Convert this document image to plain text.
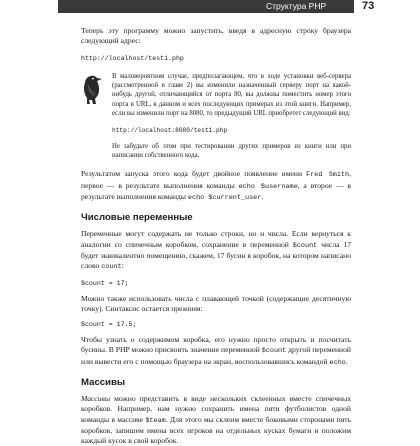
Структура PHP	73

Теперь эту программу можно запустить, введя в адресную строку браузера следующий адрес:

http://localhost/test1.php

В маловероятном случае, предполагающем, что в ходе установки веб-сервера (рассмотренной в главе 2) вы изменили назначенный серверу порт на какой-нибудь другой, отличающийся от порта 80, вы должны поместить номер этого порта в URL, в данном и всех последующих примерах из этой книги. Например, если вы изменили порт на 8080, то предыдущий URL приобретет следующий вид:

http://localhost:8080/test1.php

Не забудьте об этом при тестировании других примеров из книги или при написании собственного кода.

Результатом запуска этого кода будет двойное появление имени Fred Smith, первое — в результате выполнения команды echo $username, а второе — в результате выполнения команды echo $current_user.

Числовые переменные

Переменные могут содержать не только строки, но и числа. Если вернуться к аналогии со спичечным коробком, сохранение в переменной $count числа 17 будет эквивалентно помещению, скажем, 17 бусин в коробок, на котором написано слово count:

$count = 17;

Можно также использовать числа с плавающей точкой (содержащие десятичную точку). Синтаксис остается прежним:

$count = 17.5;

Чтобы узнать о содержимом коробка, его нужно просто открыть и посчитать бусины. В PHP можно присвоить значение переменной $count другой переменной или вывести его с помощью браузера на экран, воспользовавшись командой echo.

Массивы

Массивы можно представить в виде нескольких склеенных вместе спичечных коробков. Например, нам нужно сохранить имена пяти футболистов одной команды в массиве $team. Для этого мы склеим вместе боковыми сторонами пять коробков, запишем имена всех игроков на отдельных кусках бумаги и положим каждый кусок в свой коробок.
